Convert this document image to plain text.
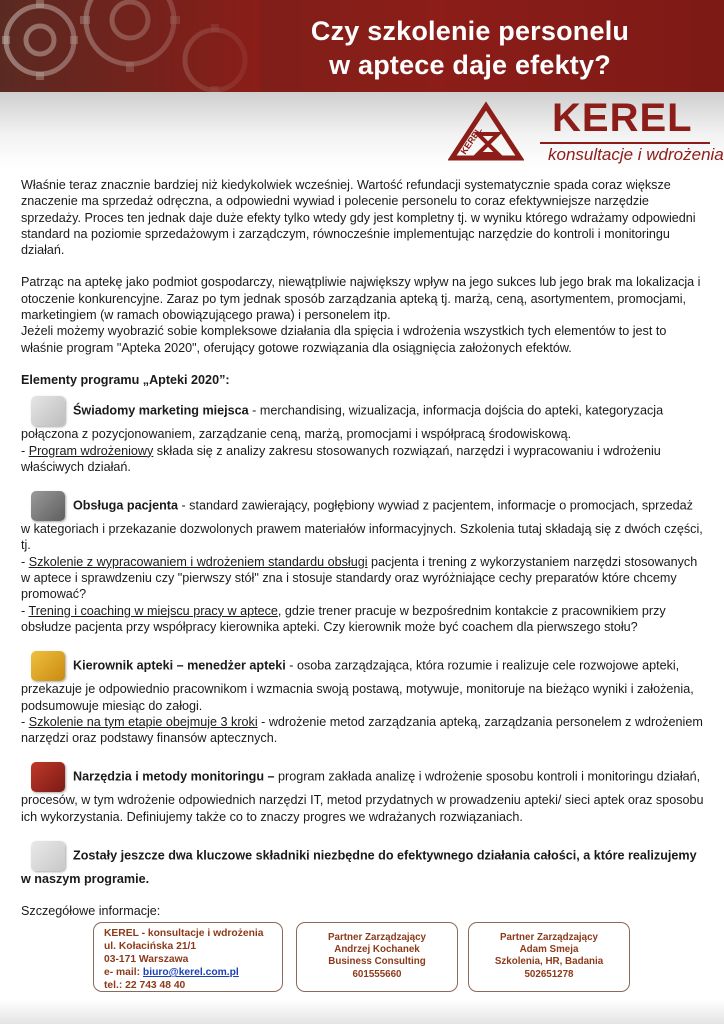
Czy szkolenie personelu
w aptece daje efekty?
KEREL
KEREL
konsultacje i wdrożenia

Właśnie teraz znacznie bardziej niż kiedykolwiek wcześniej. Wartość refundacji systematycznie spada coraz większe znaczenie ma sprzedaż odręczna, a odpowiedni wywiad i polecenie personelu to coraz efektywniejsze narzędzie sprzedaży. Proces ten jednak daje duże efekty tylko wtedy gdy jest kompletny tj. w wyniku którego wdrażamy odpowiedni standard na poziomie sprzedażowym i zarządczym, równocześnie implementując narzędzie do kontroli i monitoringu działań.

Patrząc na aptekę jako podmiot gospodarczy, niewątpliwie największy wpływ na jego sukces lub jego brak ma lokalizacja i otoczenie konkurencyjne. Zaraz po tym jednak sposób zarządzania apteką tj. marżą, ceną, asortymentem, promocjami, marketingiem (w ramach obowiązującego prawa) i personelem itp.

Jeżeli możemy wyobrazić sobie kompleksowe działania dla spięcia i wdrożenia wszystkich tych elementów to jest to właśnie program "Apteka 2020", oferujący gotowe rozwiązania dla osiągnięcia założonych efektów.

Elementy programu „Apteki 2020”:

Świadomy marketing miejsca - merchandising, wizualizacja, informacja dojścia do apteki, kategoryzacja połączona z pozycjonowaniem, zarządzanie ceną, marżą, promocjami i współpracą środowiskową.
- Program wdrożeniowy składa się z analizy zakresu stosowanych rozwiązań, narzędzi i wypracowaniu i wdrożeniu właściwych działań.

Obsługa pacjenta - standard zawierający, pogłębiony wywiad z pacjentem, informacje o promocjach, sprzedaż w kategoriach i przekazanie dozwolonych prawem materiałów informacyjnych. Szkolenia tutaj składają się z dwóch części, tj.
- Szkolenie z wypracowaniem i wdrożeniem standardu obsługi pacjenta i trening z wykorzystaniem narzędzi stosowanych w aptece i sprawdzeniu czy "pierwszy stół" zna i stosuje standardy oraz wyróżniające cechy preparatów które chcemy promować?
- Trening i coaching w miejscu pracy w aptece, gdzie trener pracuje w bezpośrednim kontakcie z pracownikiem przy obsłudze pacjenta przy współpracy kierownika apteki. Czy kierownik może być coachem dla pierwszego stołu?

Kierownik apteki – menedżer apteki - osoba zarządzająca, która rozumie i realizuje cele rozwojowe apteki, przekazuje je odpowiednio pracownikom i wzmacnia swoją postawą, motywuje, monitoruje na bieżąco wyniki i założenia, podsumowuje miesiąc do załogi.
- Szkolenie na tym etapie obejmuje 3 kroki - wdrożenie metod zarządzania apteką, zarządzania personelem z wdrożeniem narzędzi oraz podstawy finansów aptecznych.

Narzędzia i metody monitoringu – program zakłada analizę i wdrożenie sposobu kontroli i monitoringu działań, procesów, w tym wdrożenie odpowiednich narzędzi IT, metod przydatnych w prowadzeniu apteki/ sieci aptek oraz sposobu ich wykorzystania. Definiujemy także co to znaczy progres we wdrażanych rozwiązaniach.

Zostały jeszcze dwa kluczowe składniki niezbędne do efektywnego działania całości, a które realizujemy w naszym programie.

Szczegółowe informacje:

KEREL - konsultacje i wdrożenia
ul. Kołacińska 21/1
03-171 Warszawa
e- mail: biuro@kerel.com.pl
tel.: 22 743 48 40
Partner Zarządzający
Andrzej Kochanek
Business Consulting
601555660
Partner Zarządzający
Adam Smeja
Szkolenia, HR, Badania
502651278
